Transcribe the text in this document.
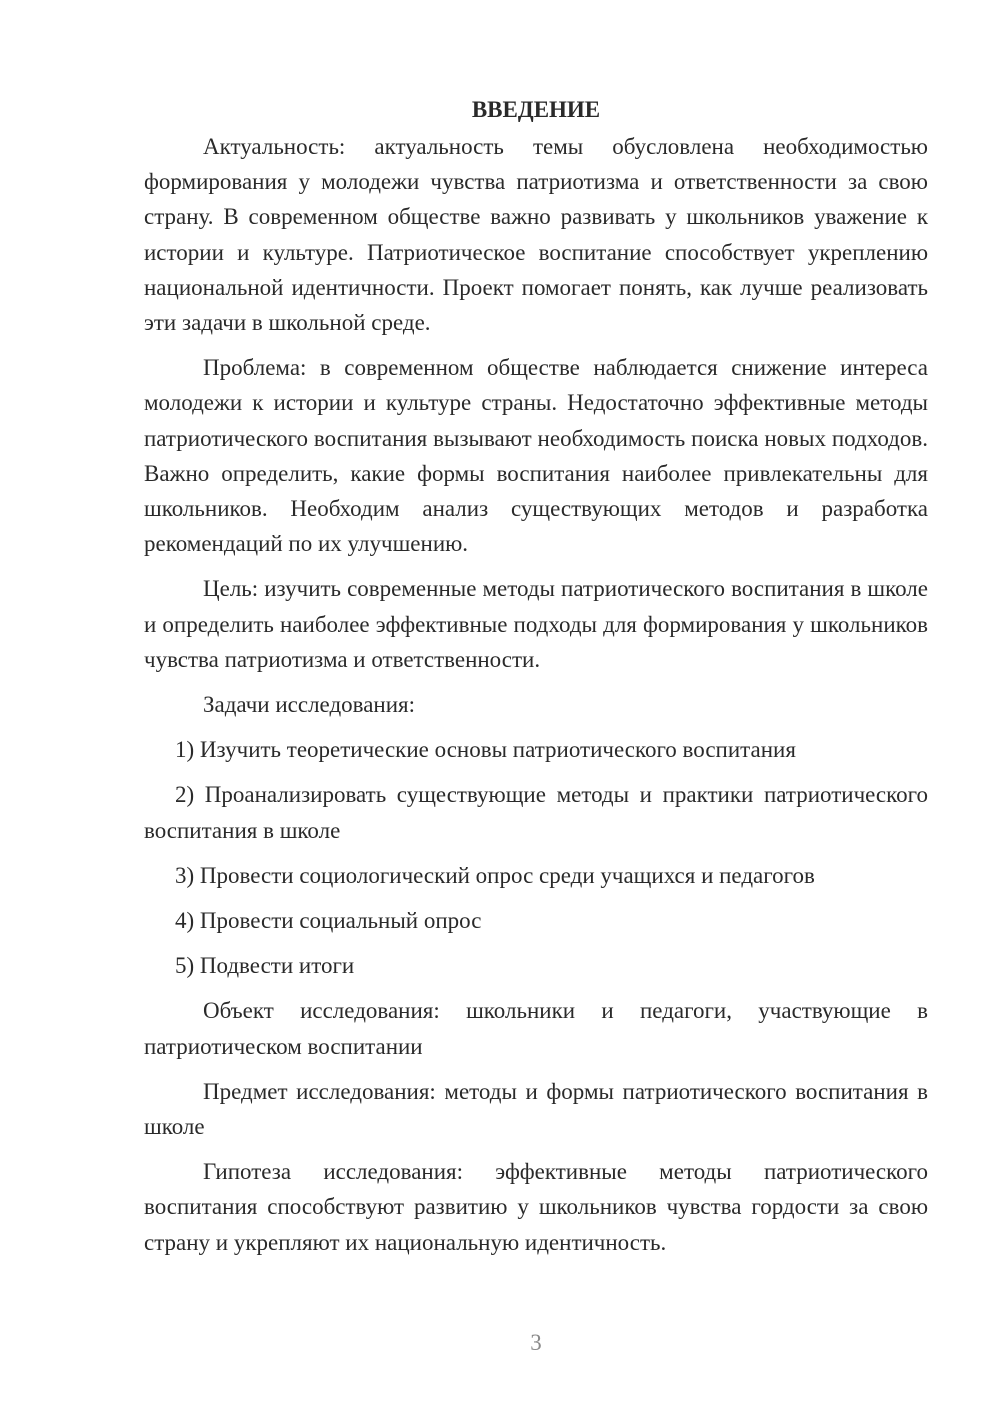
ВВЕДЕНИЕ

Актуальность: актуальность темы обусловлена необходимостью формирования у молодежи чувства патриотизма и ответственности за свою страну. В современном обществе важно развивать у школьников уважение к истории и культуре. Патриотическое воспитание способствует укреплению национальной идентичности. Проект помогает понять, как лучше реализовать эти задачи в школьной среде.

Проблема: в современном обществе наблюдается снижение интереса молодежи к истории и культуре страны. Недостаточно эффективные методы патриотического воспитания вызывают необходимость поиска новых подходов. Важно определить, какие формы воспитания наиболее привлекательны для школьников. Необходим анализ существующих методов и разработка рекомендаций по их улучшению.

Цель: изучить современные методы патриотического воспитания в школе и определить наиболее эффективные подходы для формирования у школьников чувства патриотизма и ответственности.

Задачи исследования:

1) Изучить теоретические основы патриотического воспитания

2) Проанализировать существующие методы и практики патриотического воспитания в школе

3) Провести социологический опрос среди учащихся и педагогов

4) Провести социальный опрос

5) Подвести итоги

Объект исследования: школьники и педагоги, участвующие в патриотическом воспитании

Предмет исследования: методы и формы патриотического воспитания в школе

Гипотеза исследования: эффективные методы патриотического воспитания способствуют развитию у школьников чувства гордости за свою страну и укрепляют их национальную идентичность.

3
